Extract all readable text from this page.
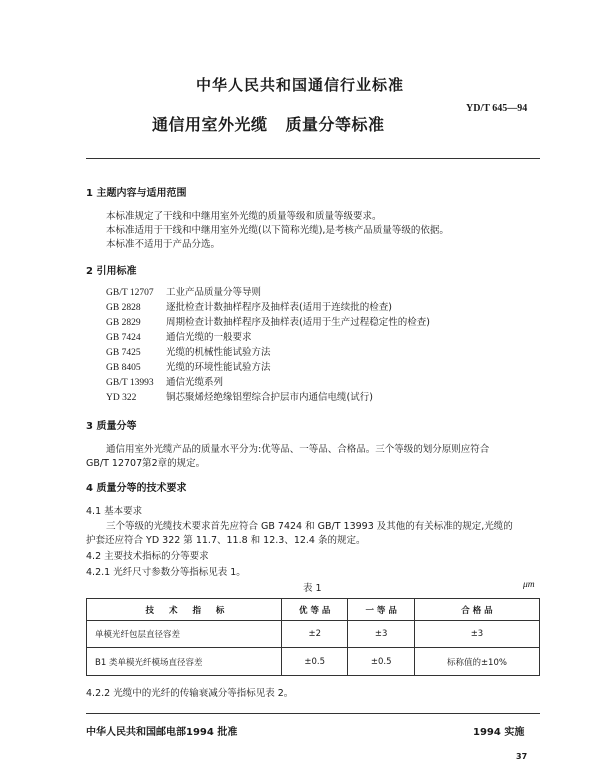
中华人民共和国通信行业标准
通信用室外光缆 质量分等标准
YD/T 645—94
1 主题内容与适用范围
本标准规定了干线和中继用室外光缆的质量等级和质量等级要求。
本标准适用于干线和中继用室外光缆(以下简称光缆),是考核产品质量等级的依据。
本标准不适用于产品分选。
2 引用标准
GB/T 12707 工业产品质量分等导则
GB 2828	逐批检查计数抽样程序及抽样表(适用于连续批的检查)
GB 2829	周期检查计数抽样程序及抽样表(适用于生产过程稳定性的检查)
GB 7424	通信光缆的一般要求
GB 7425	光缆的机械性能试验方法
GB 8405	光缆的环境性能试验方法
GB/T 13993 通信光缆系列
YD 322	铜芯聚烯烃绝缘铝塑综合护层市内通信电缆(试行)
3 质量分等
通信用室外光缆产品的质量水平分为:优等品、一等品、合格品。三个等级的划分原则应符合
GB/T 12707第2章的规定。
4 质量分等的技术要求
4.1 基本要求
三个等级的光缆技术要求首先应符合 GB 7424 和 GB/T 13993 及其他的有关标准的规定,光缆的
护套还应符合 YD 322 第 11.7、11.8 和 12.3、12.4 条的规定。
4.2 主要技术指标的分等要求
4.2.1 光纤尺寸参数分等指标见表 1。
表 1	μm
技 术 指 标	优 等 品	一 等 品	合 格 品
单模光纤包层直径容差	±2	±3	±3
B1 类单模光纤模场直径容差	±0.5	±0.5	标称值的±10%
4.2.2 光缆中的光纤的传输衰减分等指标见表 2。
中华人民共和国邮电部1994 批准	1994 实施
37
